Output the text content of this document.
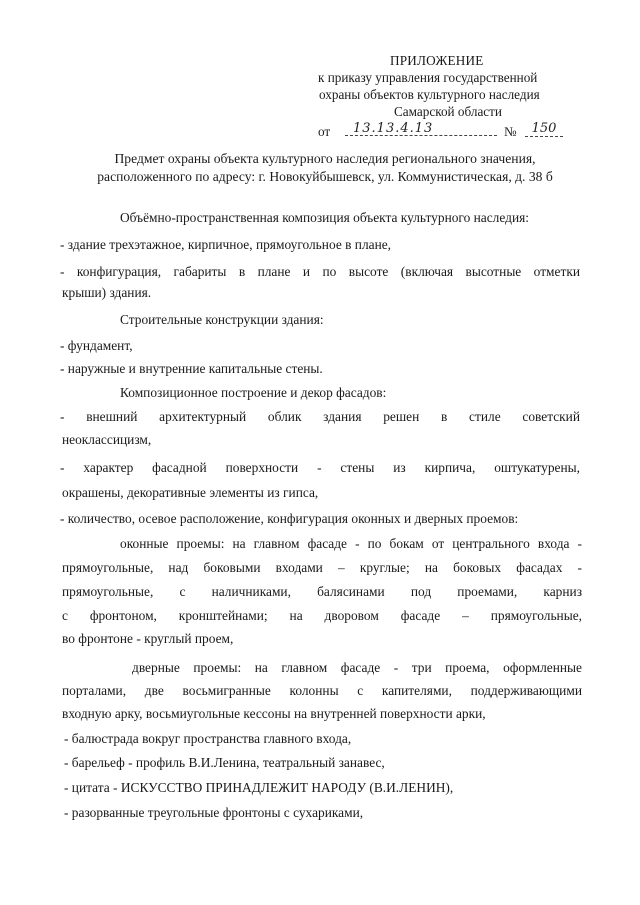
ПРИЛОЖЕНИЕ
к приказу управления государственной
охраны объектов культурного наследия
Самарской области
от	13.13.4.13	№	150
Предмет охраны объекта культурного наследия регионального значения,
расположенного по адресу: г. Новокуйбышевск, ул. Коммунистическая, д. 38 б
Объёмно-пространственная композиция объекта культурного наследия:
- здание трехэтажное, кирпичное, прямоугольное в плане,
- конфигурация, габариты в плане и по высоте (включая высотные отметки
крыши) здания.
Строительные конструкции здания:
- фундамент,
- наружные и внутренние капитальные стены.
Композиционное построение и декор фасадов:
- внешний архитектурный облик здания решен в стиле советский
неоклассицизм,
- характер фасадной поверхности - стены из кирпича, оштукатурены,
окрашены, декоративные элементы из гипса,
- количество, осевое расположение, конфигурация оконных и дверных проемов:
оконные проемы: на главном фасаде - по бокам от центрального входа -
прямоугольные, над боковыми входами – круглые; на боковых фасадах -
прямоугольные, с наличниками, балясинами под проемами, карниз
с фронтоном, кронштейнами; на дворовом фасаде – прямоугольные,
во фронтоне - круглый проем,
дверные проемы: на главном фасаде - три проема, оформленные
порталами, две восьмигранные колонны с капителями, поддерживающими
входную арку, восьмиугольные кессоны на внутренней поверхности арки,
- балюстрада вокруг пространства главного входа,
- барельеф - профиль В.И.Ленина, театральный занавес,
- цитата - ИСКУССТВО ПРИНАДЛЕЖИТ НАРОДУ (В.И.ЛЕНИН),
- разорванные треугольные фронтоны с сухариками,
